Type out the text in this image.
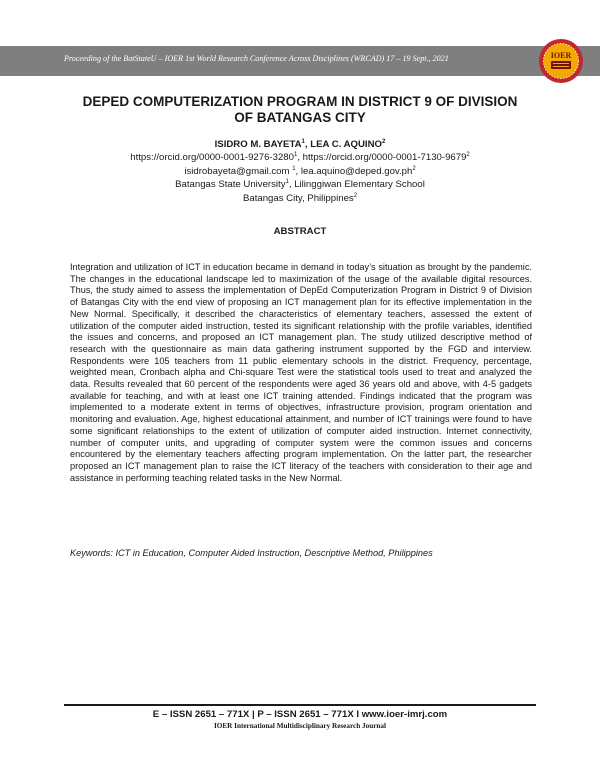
Proceeding of the BatStateU – IOER 1st World Research Conference Across Disciplines (WRCAD) 17 – 19 Sept., 2021	IOER
DEPED COMPUTERIZATION PROGRAM IN DISTRICT 9 OF DIVISION
OF BATANGAS CITY
ISIDRO M. BAYETA$^1$, LEA C. AQUINO$^2$
https://orcid.org/0000-0001-9276-3280$^1$, https://orcid.org/0000-0001-7130-9679$^2$
isidrobayeta@gmail.com $^1$, $lea.aquino@deped.gov.ph^2$
Batangas State University$^1$, Lilinggiwan Elementary School
Batangas City, Philippines$^2$
ABSTRACT

Integration and utilization of ICT in education became in demand in today’s situation as brought by the pandemic. The changes in the educational landscape led to maximization of the usage of the available digital resources. Thus, the study aimed to assess the implementation of DepEd Computerization Program in District 9 of Division of Batangas City with the end view of proposing an ICT management plan for its effective implementation in the New Normal. Specifically, it described the characteristics of elementary teachers, assessed the extent of utilization of the computer aided instruction, tested its significant relationship with the profile variables, identified the issues and concerns, and proposed an ICT management plan. The study utilized descriptive method of research with the questionnaire as main data gathering instrument supported by the FGD and interview. Respondents were 105 teachers from 11 public elementary schools in the district. Frequency, percentage, weighted mean, Cronbach alpha and Chi-square Test were the statistical tools used to treat and analyzed the data. Results revealed that 60 percent of the respondents were aged 36 years old and above, with 4-5 gadgets available for teaching, and with at least one ICT training attended. Findings indicated that the program was implemented to a moderate extent in terms of objectives, infrastructure provision, program orientation and monitoring and evaluation. Age, highest educational attainment, and number of ICT trainings were found to have some significant relationships to the extent of utilization of computer aided instruction. Internet connectivity, number of computer units, and upgrading of computer system were the common issues and concerns encountered by the elementary teachers affecting program implementation. On the latter part, the researcher proposed an ICT management plan to raise the ICT literacy of the teachers with consideration to their age and assistance in performing teaching related tasks in the New Normal.

Keywords: ICT in Education, Computer Aided Instruction, Descriptive Method, Philippines
E – ISSN 2651 – 771X | P – ISSN 2651 – 771X I www.ioer-imrj.com
IOER International Multidisciplinary Research Journal
